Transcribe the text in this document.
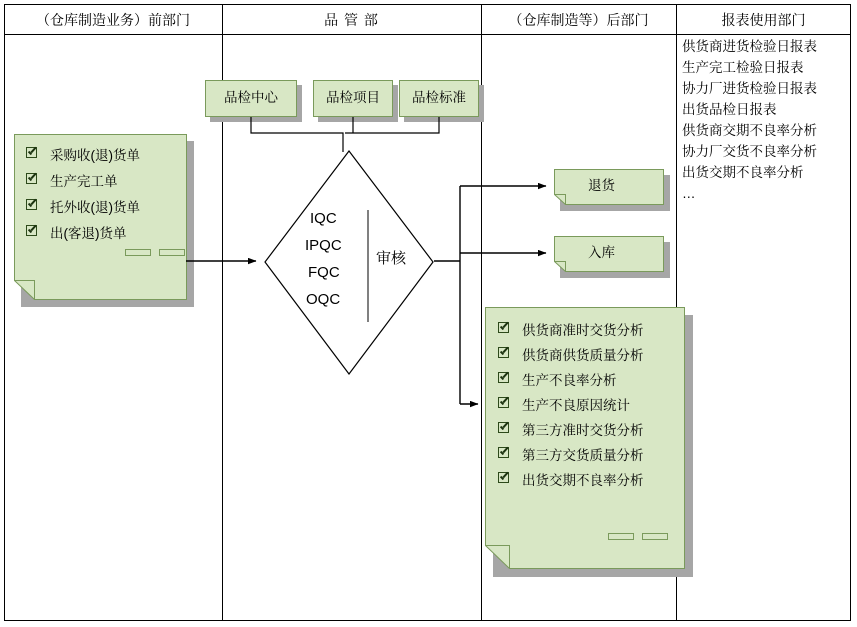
（仓库制造业务）前部门	品 管 部	（仓库制造等）后部门	报表使用部门
品检中心	品检项目	品检标准
采购收(退)货单
生产完工单
托外收(退)货单
出(客退)货单
IQC
IPQC
FQC
OQC
审核
退货
入库
供货商准时交货分析
供货商供货质量分析
生产不良率分析
生产不良原因统计
第三方准时交货分析
第三方交货质量分析
出货交期不良率分析
供货商进货检验日报表
生产完工检验日报表
协力厂进货检验日报表
出货品检日报表
供货商交期不良率分析
协力厂交货不良率分析
出货交期不良率分析
…
